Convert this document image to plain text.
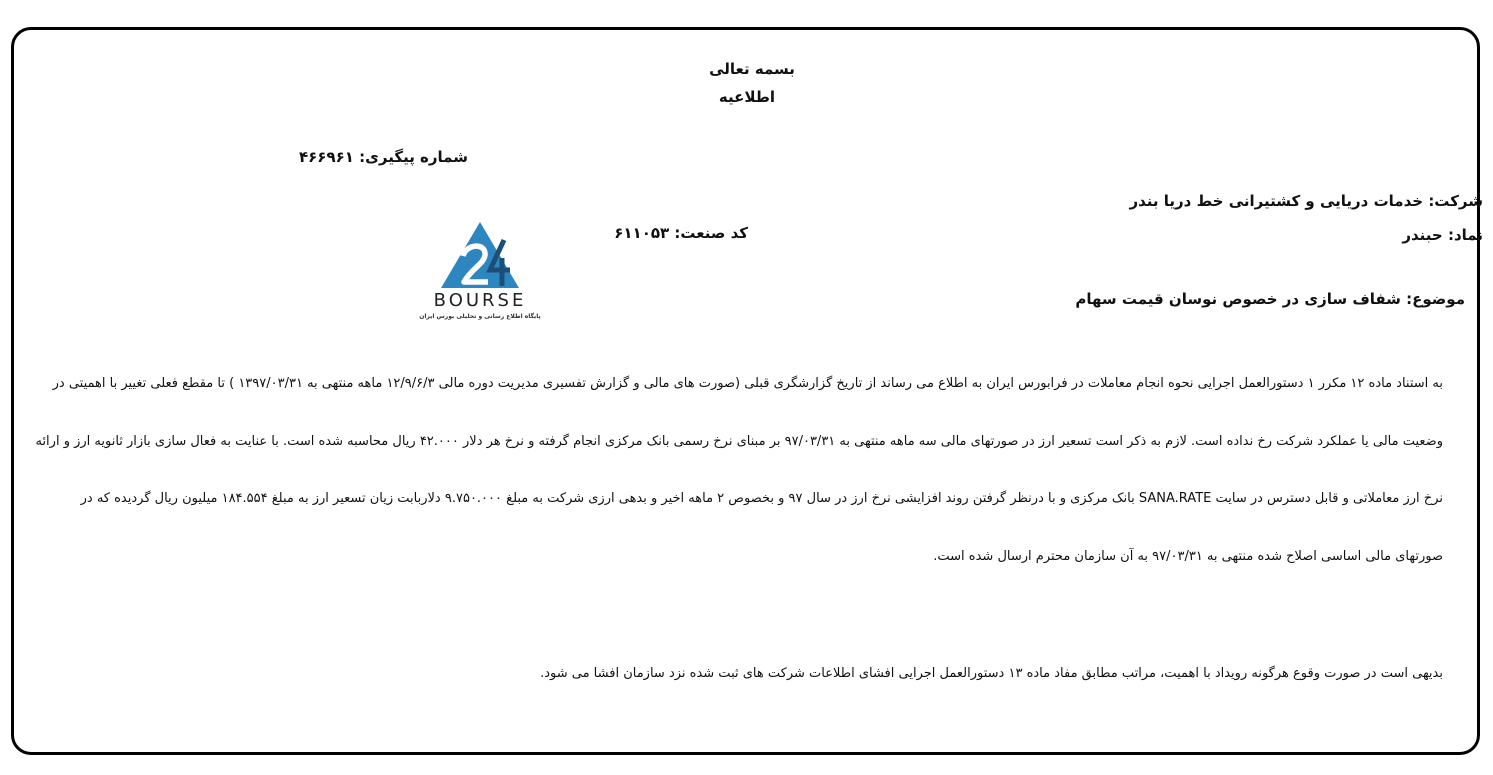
بسمه تعالی
اطلاعیه
شماره پیگیری: ۴۶۶۹۶۱
شرکت: خدمات دریایی و کشتیرانی خط دریا بندر
نماد: حبندر
کد صنعت: ۶۱۱۰۵۳
BOURSE
پایگاه اطلاع رسانی و تحلیلی بورس ایران
موضوع: شفاف سازی در خصوص نوسان قیمت سهام
به استناد ماده ۱۲ مکرر ۱ دستورالعمل اجرایی نحوه انجام معاملات در فرابورس ایران به اطلاع می رساند از تاریخ گزارشگری قبلی (صورت های مالی و گزارش تفسیری مدیریت دوره مالی ۱۲/۹/۶/۳ ماهه منتهی به ۱۳۹۷/۰۳/۳۱ ) تا مقطع فعلی تغییر با اهمیتی در
وضعیت مالی یا عملکرد شرکت رخ نداده است. لازم به ذکر است تسعیر ارز در صورتهای مالی سه ماهه منتهی به ۹۷/۰۳/۳۱ بر مبنای نرخ رسمی بانک مرکزی انجام گرفته و نرخ هر دلار ۴۲.۰۰۰ ریال محاسبه شده است. با عنایت به فعال سازی بازار ثانویه ارز و ارائه
نرخ ارز معاملاتی و قابل دسترس در سایت SANA.RATE بانک مرکزی و با درنظر گرفتن روند افزایشی نرخ ارز در سال ۹۷ و بخصوص ۲ ماهه اخیر و بدهی ارزی شرکت به مبلغ ۹.۷۵۰.۰۰۰ دلاربابت زیان تسعیر ارز به مبلغ ۱۸۴.۵۵۴ میلیون ریال گردیده که در
صورتهای مالی اساسی اصلاح شده منتهی به ۹۷/۰۳/۳۱ به آن سازمان محترم ارسال شده است.
بدیهی است در صورت وقوع هرگونه رویداد با اهمیت، مراتب مطابق مفاد ماده ۱۳ دستورالعمل اجرایی افشای اطلاعات شرکت های ثبت شده نزد سازمان افشا می شود.
